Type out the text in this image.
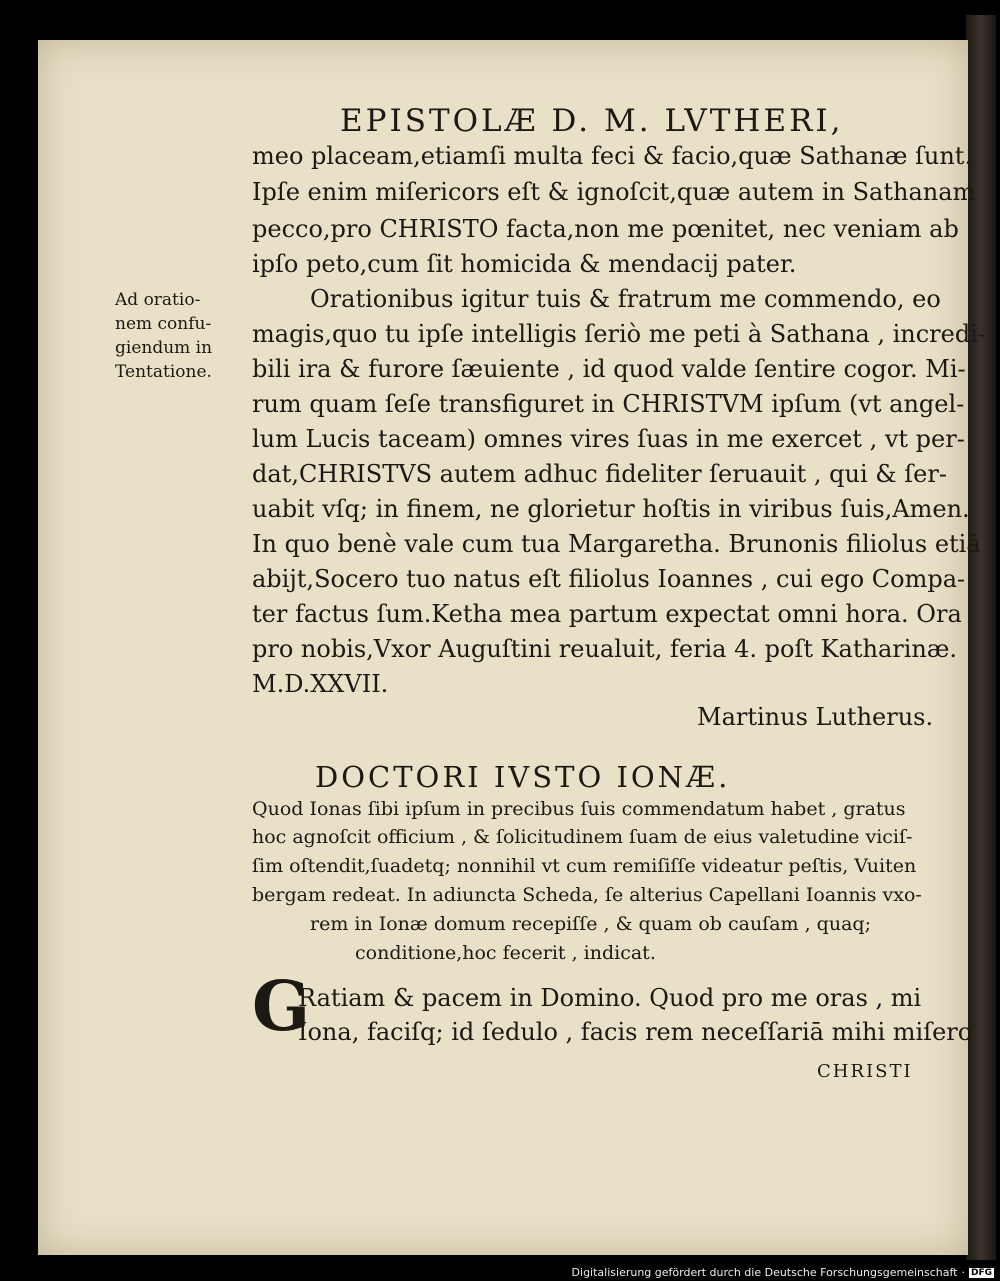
EPISTOLÆ D. M. LVTHERI,
meo placeam,etiamſi multa feci & facio,quæ Sathanæ ſunt.
Ipſe enim miſericors eſt & ignoſcit,quæ autem in Sathanam
pecco,pro CHRISTO facta,non me pœnitet, nec veniam ab
ipſo peto,cum ſit homicida & mendacij pater.
Orationibus igitur tuis & fratrum me commendo, eo
magis,quo tu ipſe intelligis ſeriò me peti à Sathana , incredi-
bili ira & furore ſæuiente , id quod valde ſentire cogor. Mi-
rum quam ſeſe transfiguret in CHRISTVM ipſum (vt angel-
lum Lucis taceam) omnes vires ſuas in me exercet , vt per-
dat,CHRISTVS autem adhuc fideliter ſeruauit , qui & ſer-
uabit vſq; in finem, ne glorietur hoſtis in viribus ſuis,Amen.
In quo benè vale cum tua Margaretha. Brunonis filiolus etiā
abijt,Socero tuo natus eſt filiolus Ioannes , cui ego Compa-
ter factus ſum.Ketha mea partum expectat omni hora. Ora
pro nobis,Vxor Auguſtini reualuit, feria 4. poſt Katharinæ.
M.D.XXVII.
Ad oratio-
nem confu-
giendum in
Tentatione.
Martinus Lutherus.
DOCTORI IVSTO IONÆ.
Quod Ionas ſibi ipſum in precibus ſuis commendatum habet , gratus
hoc agnoſcit officium , & ſolicitudinem ſuam de eius valetudine viciſ-
ſim oſtendit,ſuadetq; nonnihil vt cum remiſiſſe videatur peſtis, Vuiten
bergam redeat. In adiuncta Scheda, ſe alterius Capellani Ioannis vxo-
rem in Ionæ domum recepiſſe , & quam ob cauſam , quaq;
conditione,hoc fecerit , indicat.
G
Ratiam & pacem in Domino. Quod pro me oras , mi
Iona, faciſq; id ſedulo , facis rem neceſſariā mihi miſero
CHRISTI
Digitalisierung gefördert durch die Deutsche Forschungsgemeinschaft · DFG
